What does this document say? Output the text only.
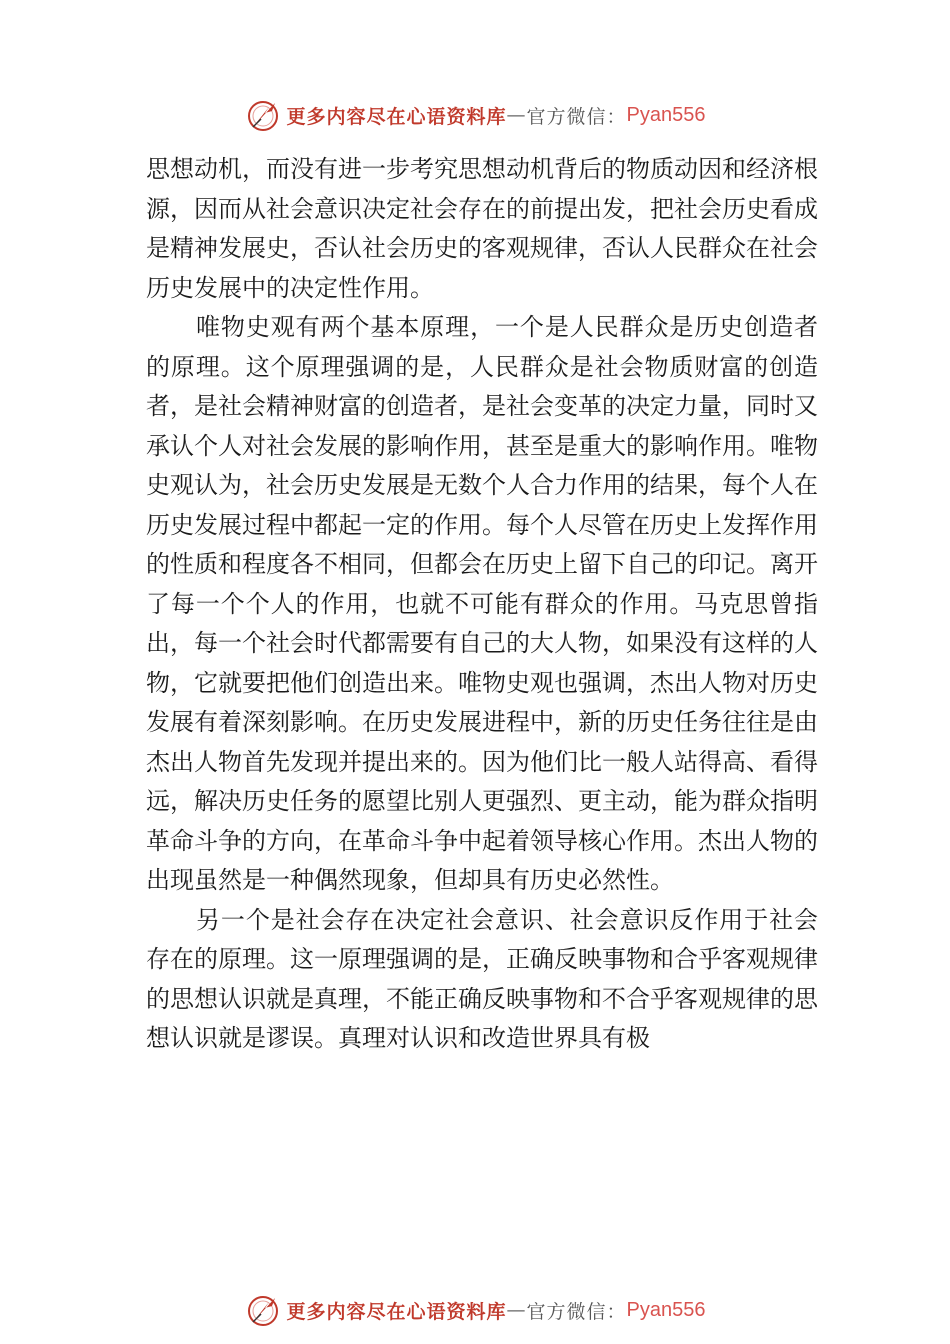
更多内容尽在心语资料库 — 官方微信： Pyan556

思想动机，而没有进一步考究思想动机背后的物质动因和经济根源，因而从社会意识决定社会存在的前提出发，把社会历史看成是精神发展史，否认社会历史的客观规律，否认人民群众在社会历史发展中的决定性作用。

唯物史观有两个基本原理，一个是人民群众是历史创造者的原理。这个原理强调的是，人民群众是社会物质财富的创造者，是社会精神财富的创造者，是社会变革的决定力量，同时又承认个人对社会发展的影响作用，甚至是重大的影响作用。唯物史观认为，社会历史发展是无数个人合力作用的结果，每个人在历史发展过程中都起一定的作用。每个人尽管在历史上发挥作用的性质和程度各不相同，但都会在历史上留下自己的印记。离开了每一个个人的作用，也就不可能有群众的作用。马克思曾指出，每一个社会时代都需要有自己的大人物，如果没有这样的人物，它就要把他们创造出来。唯物史观也强调，杰出人物对历史发展有着深刻影响。在历史发展进程中，新的历史任务往往是由杰出人物首先发现并提出来的。因为他们比一般人站得高、看得远，解决历史任务的愿望比别人更强烈、更主动，能为群众指明革命斗争的方向，在革命斗争中起着领导核心作用。杰出人物的出现虽然是一种偶然现象，但却具有历史必然性。

另一个是社会存在决定社会意识、社会意识反作用于社会存在的原理。这一原理强调的是，正确反映事物和合乎客观规律的思想认识就是真理，不能正确反映事物和不合乎客观规律的思想认识就是谬误。真理对认识和改造世界具有极

更多内容尽在心语资料库 — 官方微信： Pyan556
